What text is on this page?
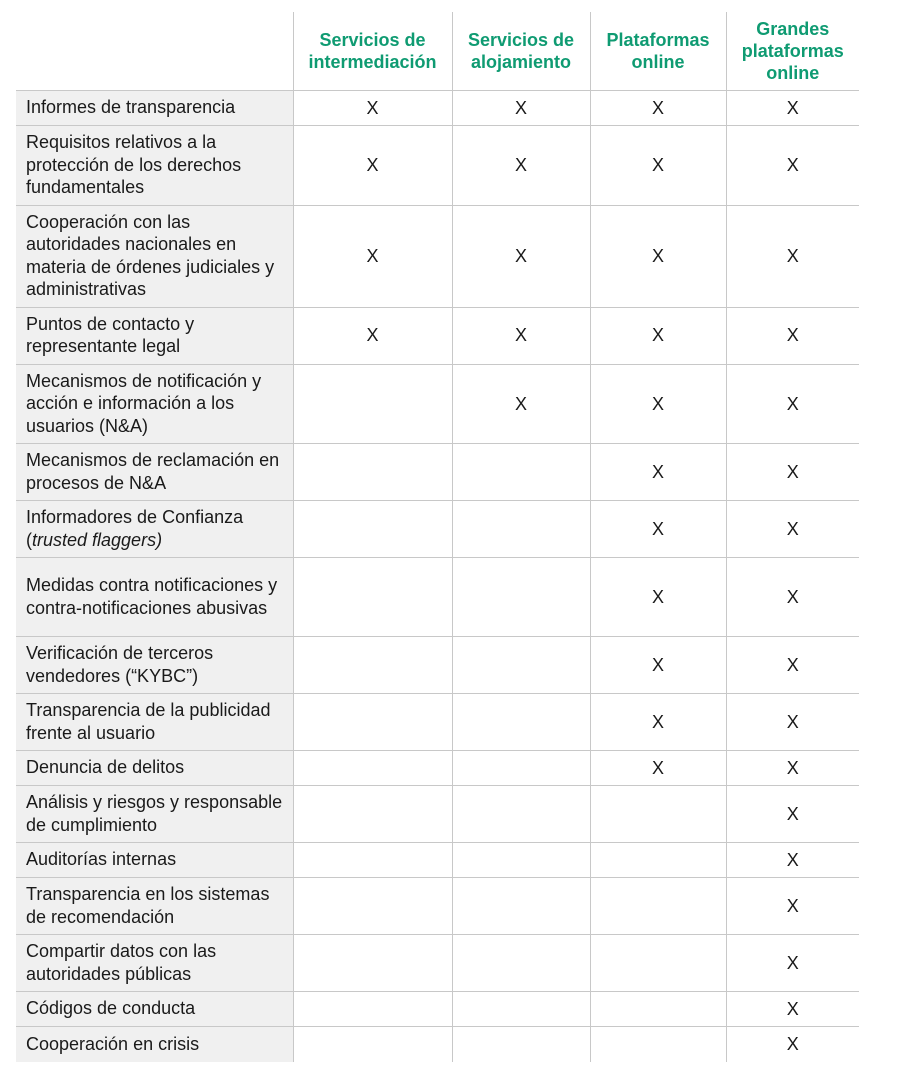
	Servicios de intermediación	Servicios de alojamiento	Plataformas online	Grandes plataformas online
Informes de transparencia	X	X	X	X
Requisitos relativos a la protección de los derechos fundamentales	X	X	X	X
Cooperación con las autoridades nacionales en materia de órdenes judiciales y administrativas	X	X	X	X
Puntos de contacto y representante legal	X	X	X	X
Mecanismos de notificación y acción e información a los usuarios (N&A)		X	X	X
Mecanismos de reclamación en procesos de N&A			X	X
Informadores de Confianza (trusted flaggers)			X	X
Medidas contra notificaciones y contra-notificaciones abusivas			X	X
Verificación de terceros vendedores (“KYBC”)			X	X
Transparencia de la publicidad frente al usuario			X	X
Denuncia de delitos			X	X
Análisis y riesgos y responsable de cumplimiento				X
Auditorías internas				X
Transparencia en los sistemas de recomendación				X
Compartir datos con las autoridades públicas				X
Códigos de conducta				X
Cooperación en crisis				X
